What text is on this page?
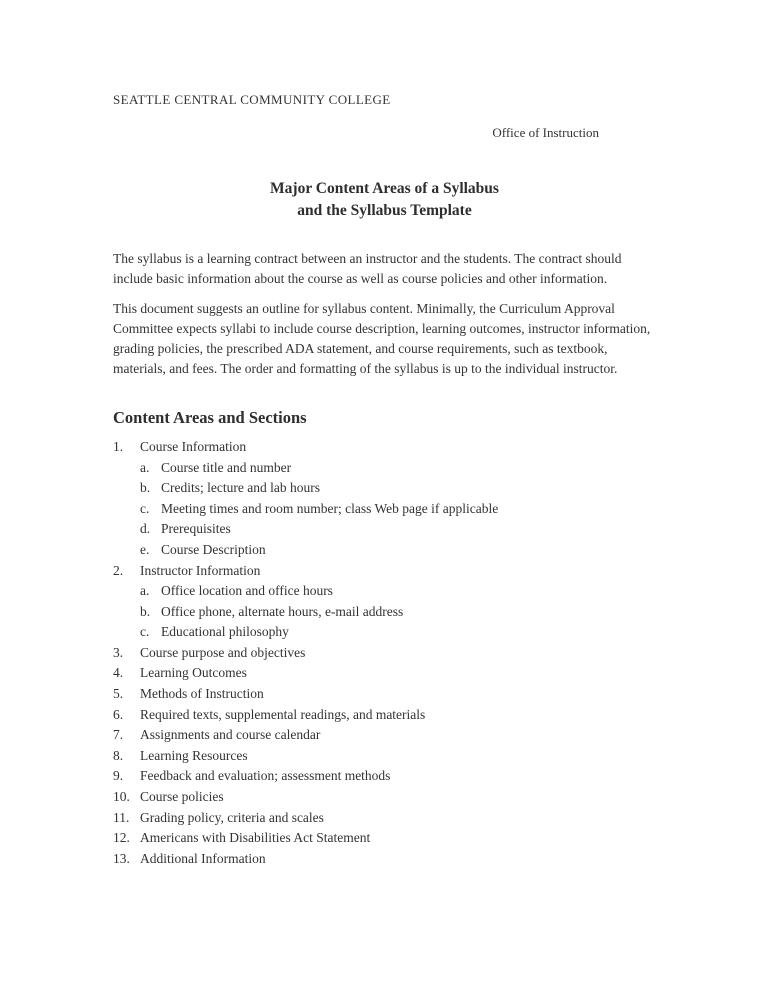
SEATTLE CENTRAL COMMUNITY COLLEGE
Office of Instruction
Major Content Areas of a Syllabus
and the Syllabus Template
The syllabus is a learning contract between an instructor and the students. The contract should include basic information about the course as well as course policies and other information.
This document suggests an outline for syllabus content. Minimally, the Curriculum Approval Committee expects syllabi to include course description, learning outcomes, instructor information, grading policies, the prescribed ADA statement, and course requirements, such as textbook, materials, and fees. The order and formatting of the syllabus is up to the individual instructor.
Content Areas and Sections
1.	Course Information
a. Course title and number
b. Credits; lecture and lab hours
c. Meeting times and room number; class Web page if applicable
d. Prerequisites
e. Course Description
2.	Instructor Information
a. Office location and office hours
b. Office phone, alternate hours, e-mail address
c. Educational philosophy
3.	Course purpose and objectives
4.	Learning Outcomes
5.	Methods of Instruction
6.	Required texts, supplemental readings, and materials
7.	Assignments and course calendar
8.	Learning Resources
9.	Feedback and evaluation; assessment methods
10. Course policies
11. Grading policy, criteria and scales
12. Americans with Disabilities Act Statement
13. Additional Information
